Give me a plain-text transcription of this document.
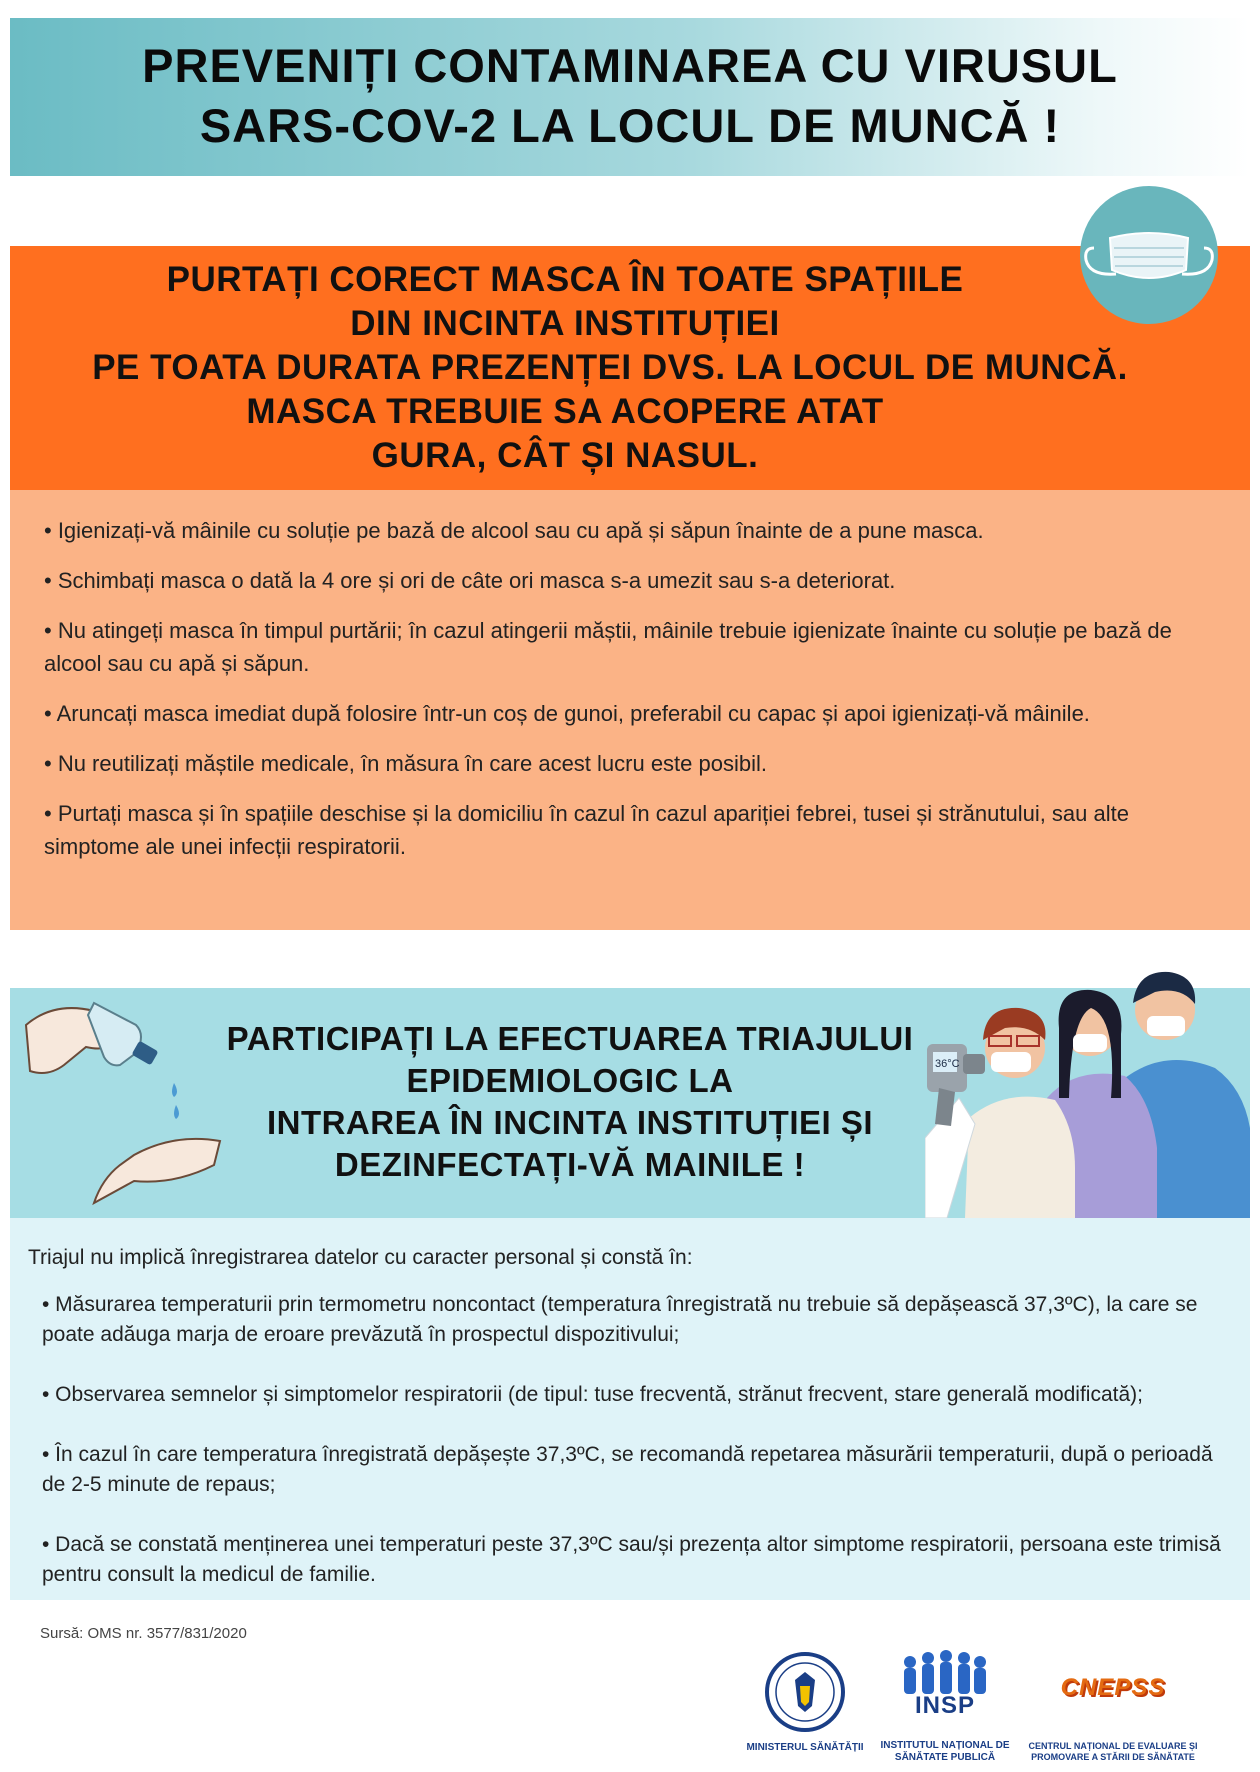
PREVENIȚI CONTAMINAREA CU VIRUSUL
SARS-COV-2 LA LOCUL DE MUNCĂ !
PURTAȚI CORECT MASCA ÎN TOATE SPAȚIILE
DIN INCINTA INSTITUȚIEI
PE TOATA DURATA PREZENȚEI DVS. LA LOCUL DE MUNCĂ.
MASCA TREBUIE SA ACOPERE ATAT
GURA, CÂT ȘI NASUL.
• Igienizați-vă mâinile cu soluție pe bază de alcool sau cu apă și săpun înainte de a pune masca.
• Schimbați masca o dată la 4 ore și ori de câte ori masca s-a umezit sau s-a deteriorat.
• Nu atingeți masca în timpul purtării; în cazul atingerii măștii, mâinile trebuie igienizate înainte cu soluție pe bază de alcool sau cu apă și săpun.
• Aruncați masca imediat după folosire într-un coș de gunoi, preferabil cu capac și apoi igienizați-vă mâinile.
• Nu reutilizați măștile medicale, în măsura în care acest lucru este posibil.
• Purtați masca și în spațiile deschise și la domiciliu în cazul în cazul apariției febrei, tusei și strănutului, sau alte simptome ale unei infecții respiratorii.
PARTICIPAȚI LA EFECTUAREA TRIAJULUI
EPIDEMIOLOGIC LA
INTRAREA ÎN INCINTA INSTITUȚIEI ȘI
DEZINFECTAȚI-VĂ MAINILE !
36°C
Triajul nu implică înregistrarea datelor cu caracter personal și constă în:
• Măsurarea temperaturii prin termometru noncontact (temperatura înregistrată nu trebuie să depășească 37,3ºC), la care se poate adăuga marja de eroare prevăzută în prospectul dispozitivului;
• Observarea semnelor și simptomelor respiratorii (de tipul: tuse frecventă, strănut frecvent, stare generală modificată);
• În cazul în care temperatura înregistrată depășește 37,3ºC, se recomandă repetarea măsurării temperaturii, după o perioadă de 2-5 minute de repaus;
• Dacă se constată menținerea unei temperaturi peste 37,3ºC sau/și prezența altor simptome respiratorii, persoana este trimisă pentru consult la medicul de familie.
Sursă: OMS nr. 3577/831/2020
MINISTERUL SĂNĂTĂȚII
INSP
INSTITUTUL NAȚIONAL DE
SĂNĂTATE PUBLICĂ
CNEPSS
CENTRUL NAȚIONAL DE EVALUARE ȘI
PROMOVARE A STĂRII DE SĂNĂTATE
